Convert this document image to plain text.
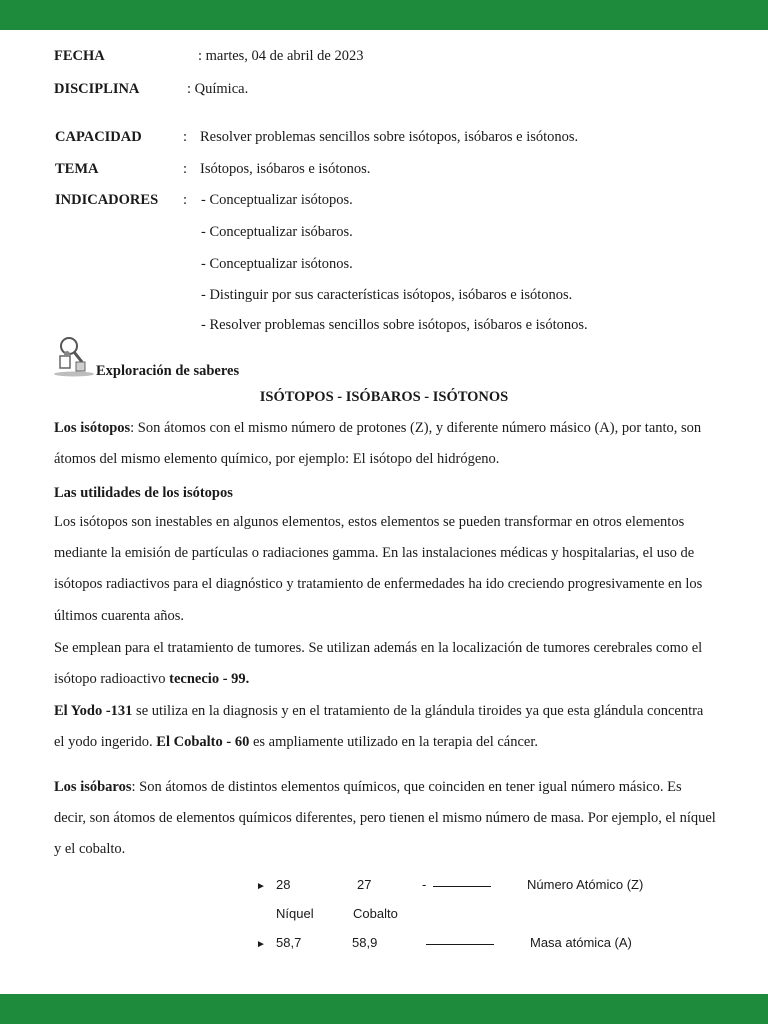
FECHA	: martes, 04 de abril de 2023
DISCIPLINA	: Química.
CAPACIDAD	: Resolver problemas sencillos sobre isótopos, isóbaros e isótonos.
TEMA	: Isótopos, isóbaros e isótonos.
INDICADORES : - Conceptualizar isótopos.
- Conceptualizar isóbaros.
- Conceptualizar isótonos.
- Distinguir por sus características isótopos, isóbaros e isótonos.
- Resolver problemas sencillos sobre isótopos, isóbaros e isótonos.
Exploración de saberes
ISÓTOPOS - ISÓBAROS - ISÓTONOS
Los isótopos: Son átomos con el mismo número de protones (Z), y diferente número másico (A), por tanto, son átomos del mismo elemento químico, por ejemplo: El isótopo del hidrógeno.
Las utilidades de los isótopos
Los isótopos son inestables en algunos elementos, estos elementos se pueden transformar en otros elementos mediante la emisión de partículas o radiaciones gamma. En las instalaciones médicas y hospitalarias, el uso de isótopos radiactivos para el diagnóstico y tratamiento de enfermedades ha ido creciendo progresivamente en los últimos cuarenta años.
Se emplean para el tratamiento de tumores. Se utilizan además en la localización de tumores cerebrales como el isótopo radioactivo tecnecio - 99.
El Yodo -131 se utiliza en la diagnosis y en el tratamiento de la glándula tiroides ya que esta glándula concentra el yodo ingerido. El Cobalto - 60 es ampliamente utilizado en la terapia del cáncer.
Los isóbaros: Son átomos de distintos elementos químicos, que coinciden en tener igual número másico. Es decir, son átomos de elementos químicos diferentes, pero tienen el mismo número de masa. Por ejemplo, el níquel y el cobalto.
► 28	27	-	Número Atómico (Z)
Níquel	Cobalto
► 58,7	58,9	Masa atómica (A)
